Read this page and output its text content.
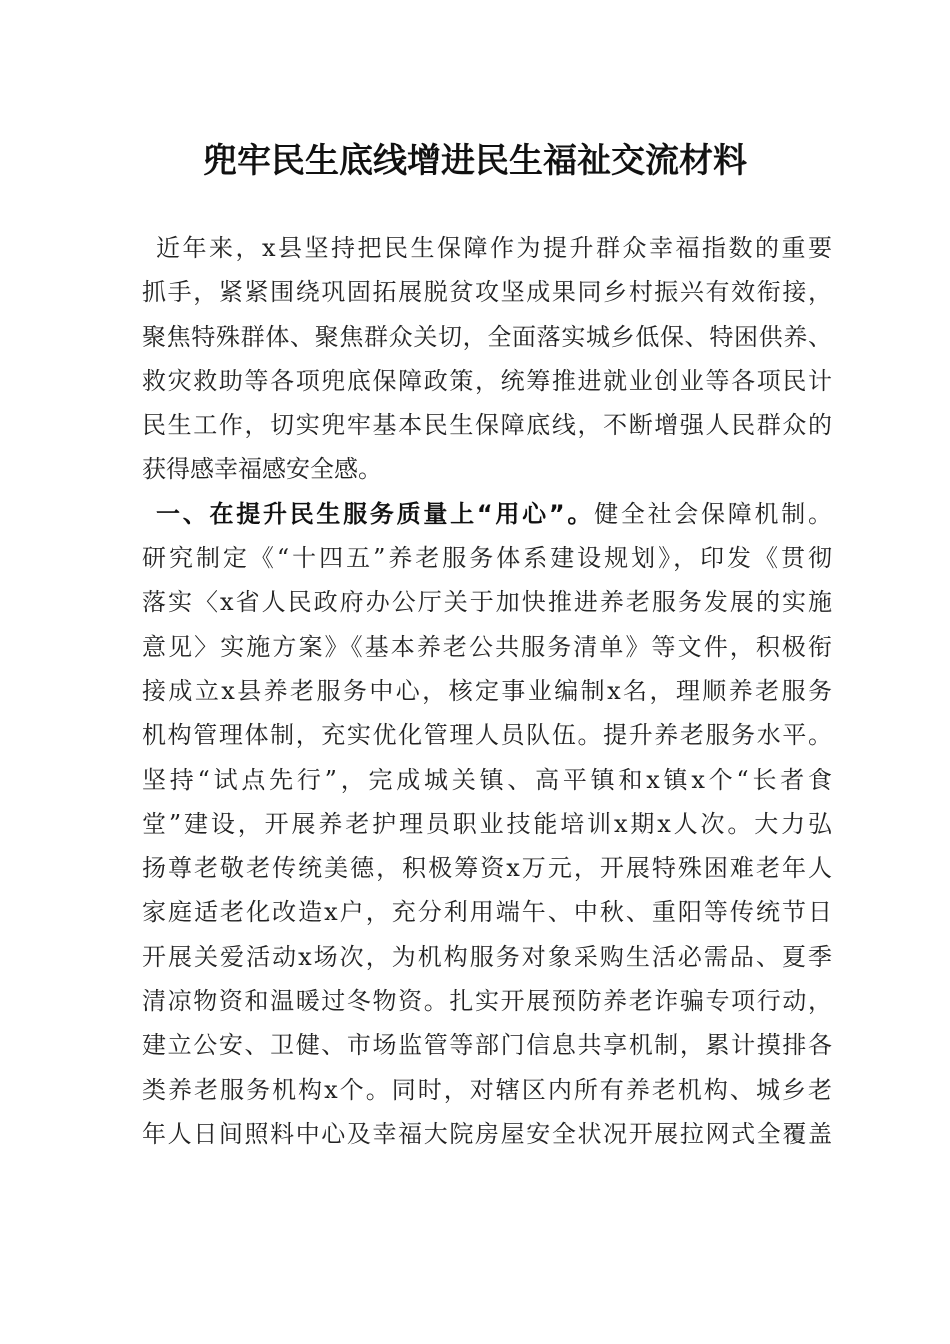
兜牢民生底线增进民生福祉交流材料
近年来，x县坚持把民生保障作为提升群众幸福指数的重要
抓手，紧紧围绕巩固拓展脱贫攻坚成果同乡村振兴有效衔接，
聚焦特殊群体、聚焦群众关切，全面落实城乡低保、特困供养、
救灾救助等各项兜底保障政策，统筹推进就业创业等各项民计
民生工作，切实兜牢基本民生保障底线，不断增强人民群众的
获得感幸福感安全感。
一、在提升民生服务质量上“用心”。健全社会保障机制。
研究制定《“十四五”养老服务体系建设规划》，印发《贯彻
落实〈x省人民政府办公厅关于加快推进养老服务发展的实施
意见〉实施方案》《基本养老公共服务清单》等文件，积极衔
接成立x县养老服务中心，核定事业编制x名，理顺养老服务
机构管理体制，充实优化管理人员队伍。提升养老服务水平。
坚持“试点先行”，完成城关镇、高平镇和x镇x个“长者食
堂”建设，开展养老护理员职业技能培训x期x人次。大力弘
扬尊老敬老传统美德，积极筹资x万元，开展特殊困难老年人
家庭适老化改造x户，充分利用端午、中秋、重阳等传统节日
开展关爱活动x场次，为机构服务对象采购生活必需品、夏季
清凉物资和温暖过冬物资。扎实开展预防养老诈骗专项行动，
建立公安、卫健、市场监管等部门信息共享机制，累计摸排各
类养老服务机构x个。同时，对辖区内所有养老机构、城乡老
年人日间照料中心及幸福大院房屋安全状况开展拉网式全覆盖
